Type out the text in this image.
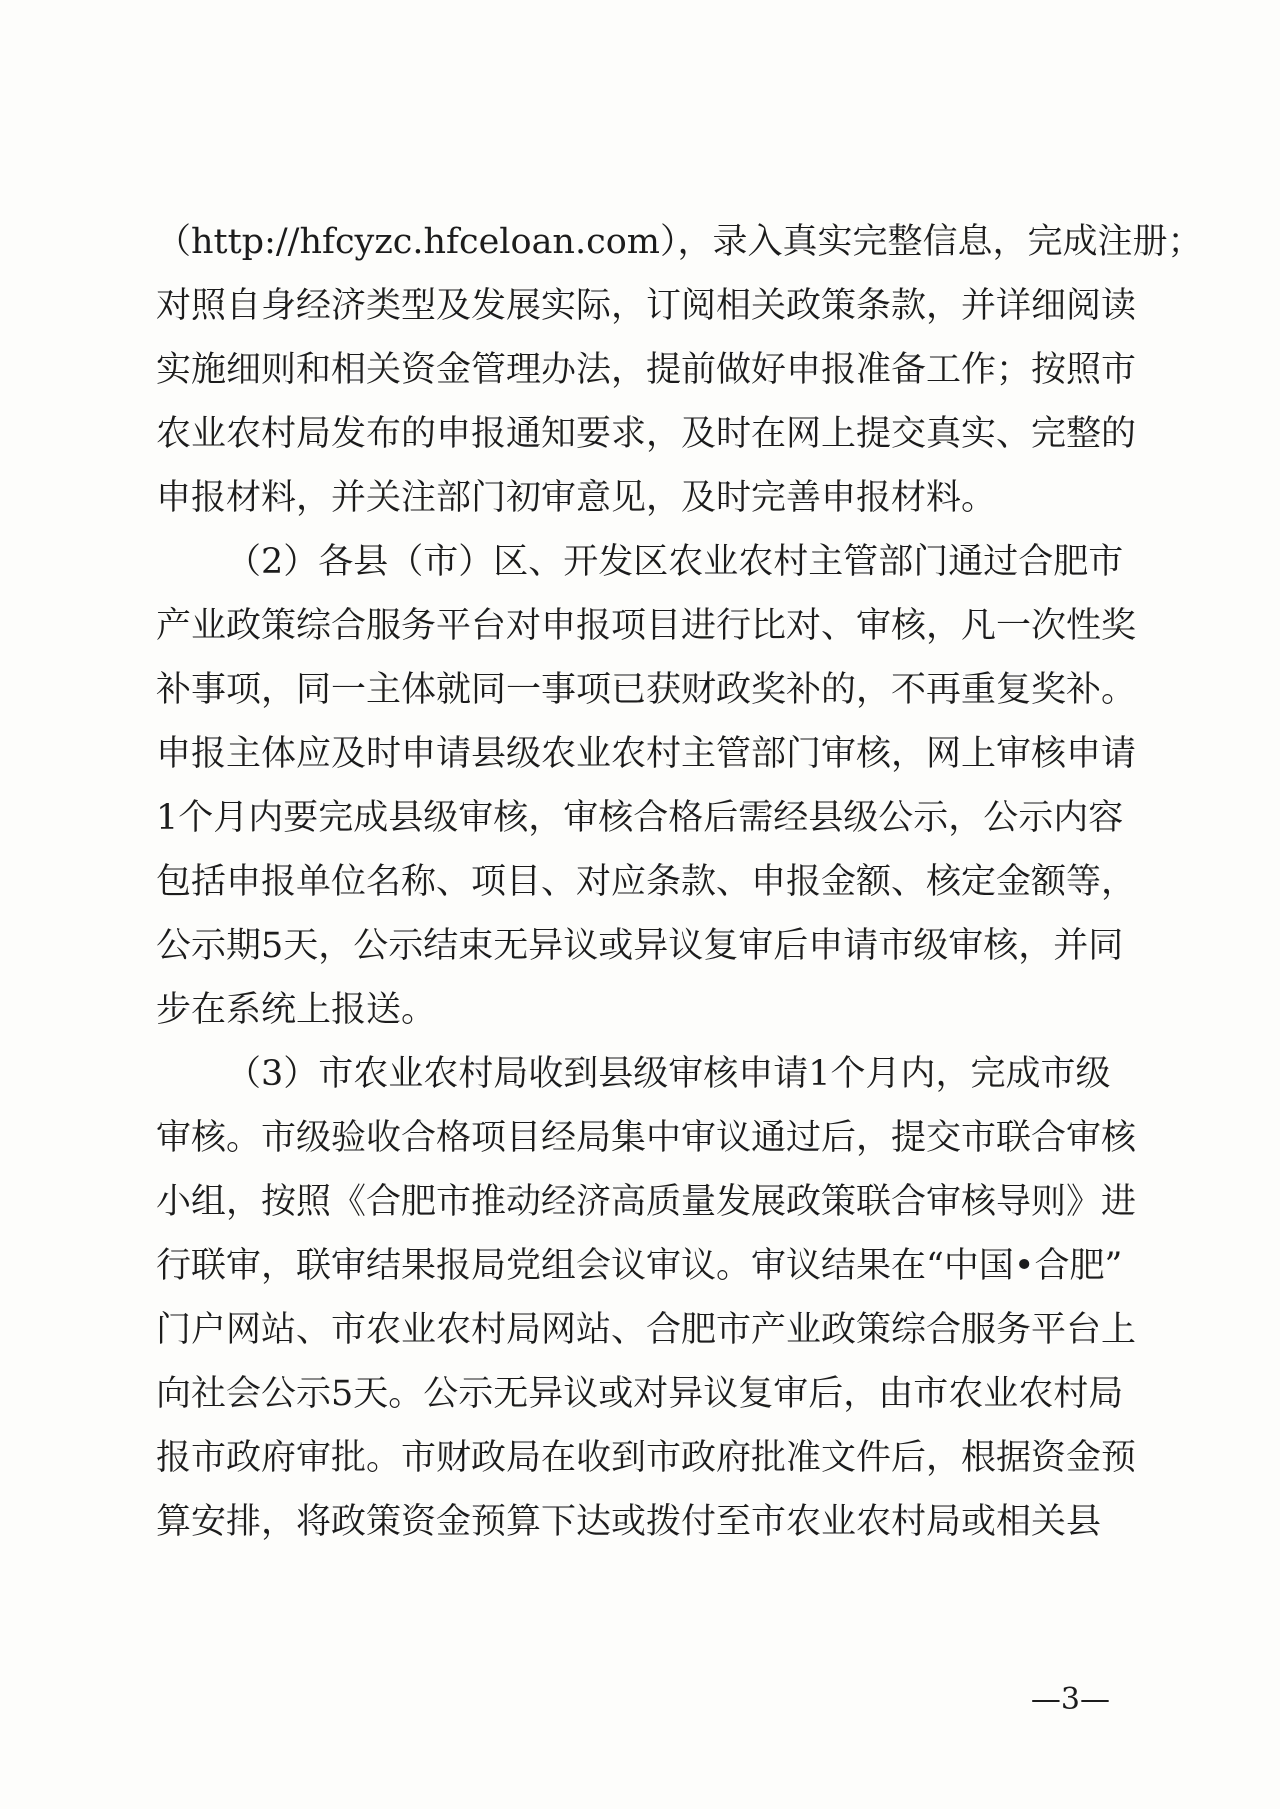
（http://hfcyzc.hfceloan.com），录入真实完整信息，完成注册；
对照自身经济类型及发展实际，订阅相关政策条款，并详细阅读
实施细则和相关资金管理办法，提前做好申报准备工作；按照市
农业农村局发布的申报通知要求，及时在网上提交真实、完整的
申报材料，并关注部门初审意见，及时完善申报材料。
（2）各县（市）区、开发区农业农村主管部门通过合肥市
产业政策综合服务平台对申报项目进行比对、审核，凡一次性奖
补事项，同一主体就同一事项已获财政奖补的，不再重复奖补。
申报主体应及时申请县级农业农村主管部门审核，网上审核申请
1个月内要完成县级审核，审核合格后需经县级公示，公示内容
包括申报单位名称、项目、对应条款、申报金额、核定金额等，
公示期5天，公示结束无异议或异议复审后申请市级审核，并同
步在系统上报送。
（3）市农业农村局收到县级审核申请1个月内，完成市级
审核。市级验收合格项目经局集中审议通过后，提交市联合审核
小组，按照《合肥市推动经济高质量发展政策联合审核导则》进
行联审，联审结果报局党组会议审议。审议结果在“中国•合肥”
门户网站、市农业农村局网站、合肥市产业政策综合服务平台上
向社会公示5天。公示无异议或对异议复审后，由市农业农村局
报市政府审批。市财政局在收到市政府批准文件后，根据资金预
算安排，将政策资金预算下达或拨付至市农业农村局或相关县
—3—
